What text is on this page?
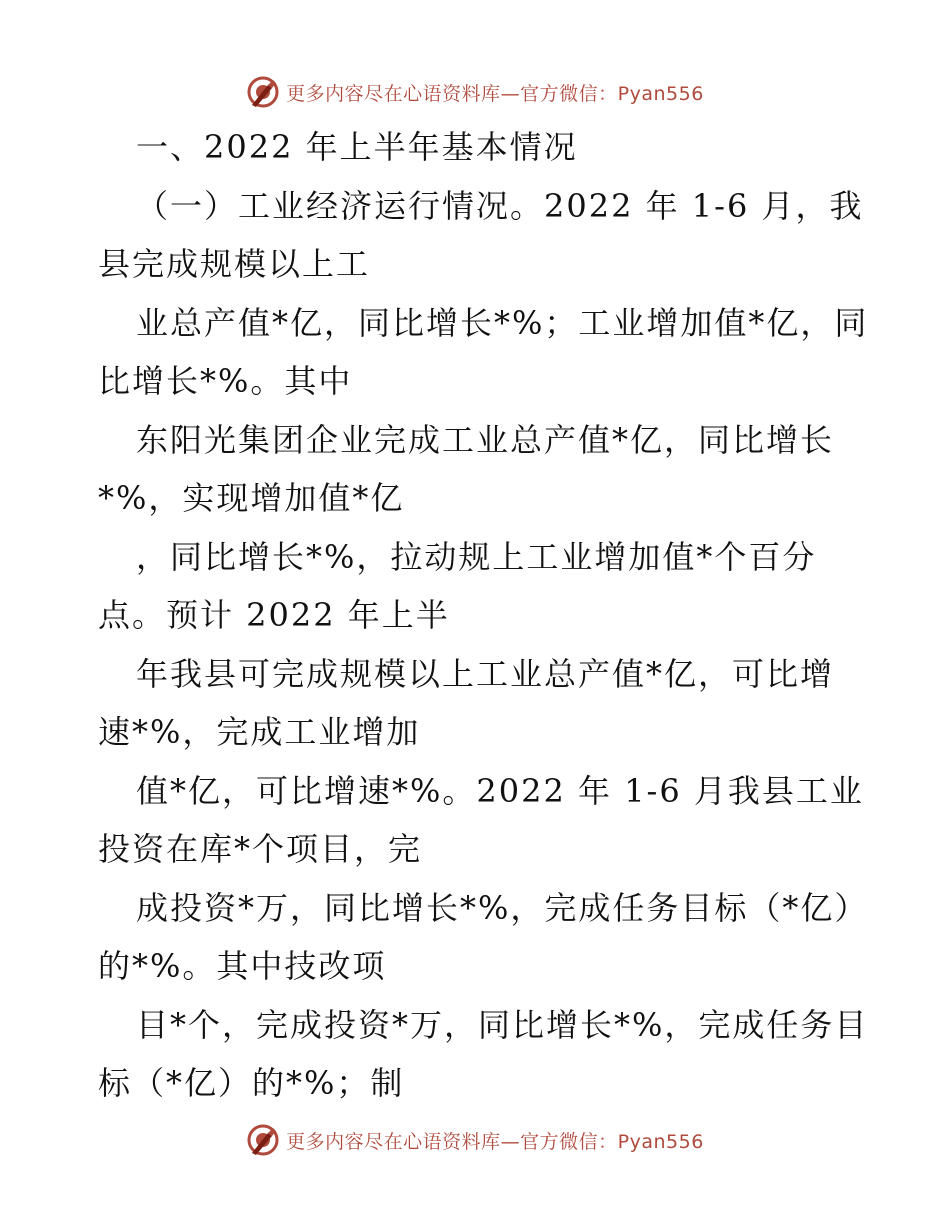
更多内容尽在心语资料库—官方微信：Pyan556
一、2022 年上半年基本情况
（一）工业经济运行情况。2022 年 1-6 月，我
县完成规模以上工
业总产值*亿，同比增长*%；工业增加值*亿，同
比增长*%。其中
东阳光集团企业完成工业总产值*亿，同比增长
*%，实现增加值*亿
，同比增长*%，拉动规上工业增加值*个百分
点。预计 2022 年上半
年我县可完成规模以上工业总产值*亿，可比增
速*%，完成工业增加
值*亿，可比增速*%。2022 年 1-6 月我县工业
投资在库*个项目，完
成投资*万，同比增长*%，完成任务目标（*亿）
的*%。其中技改项
目*个，完成投资*万，同比增长*%，完成任务目
标（*亿）的*%；制
更多内容尽在心语资料库—官方微信：Pyan556
